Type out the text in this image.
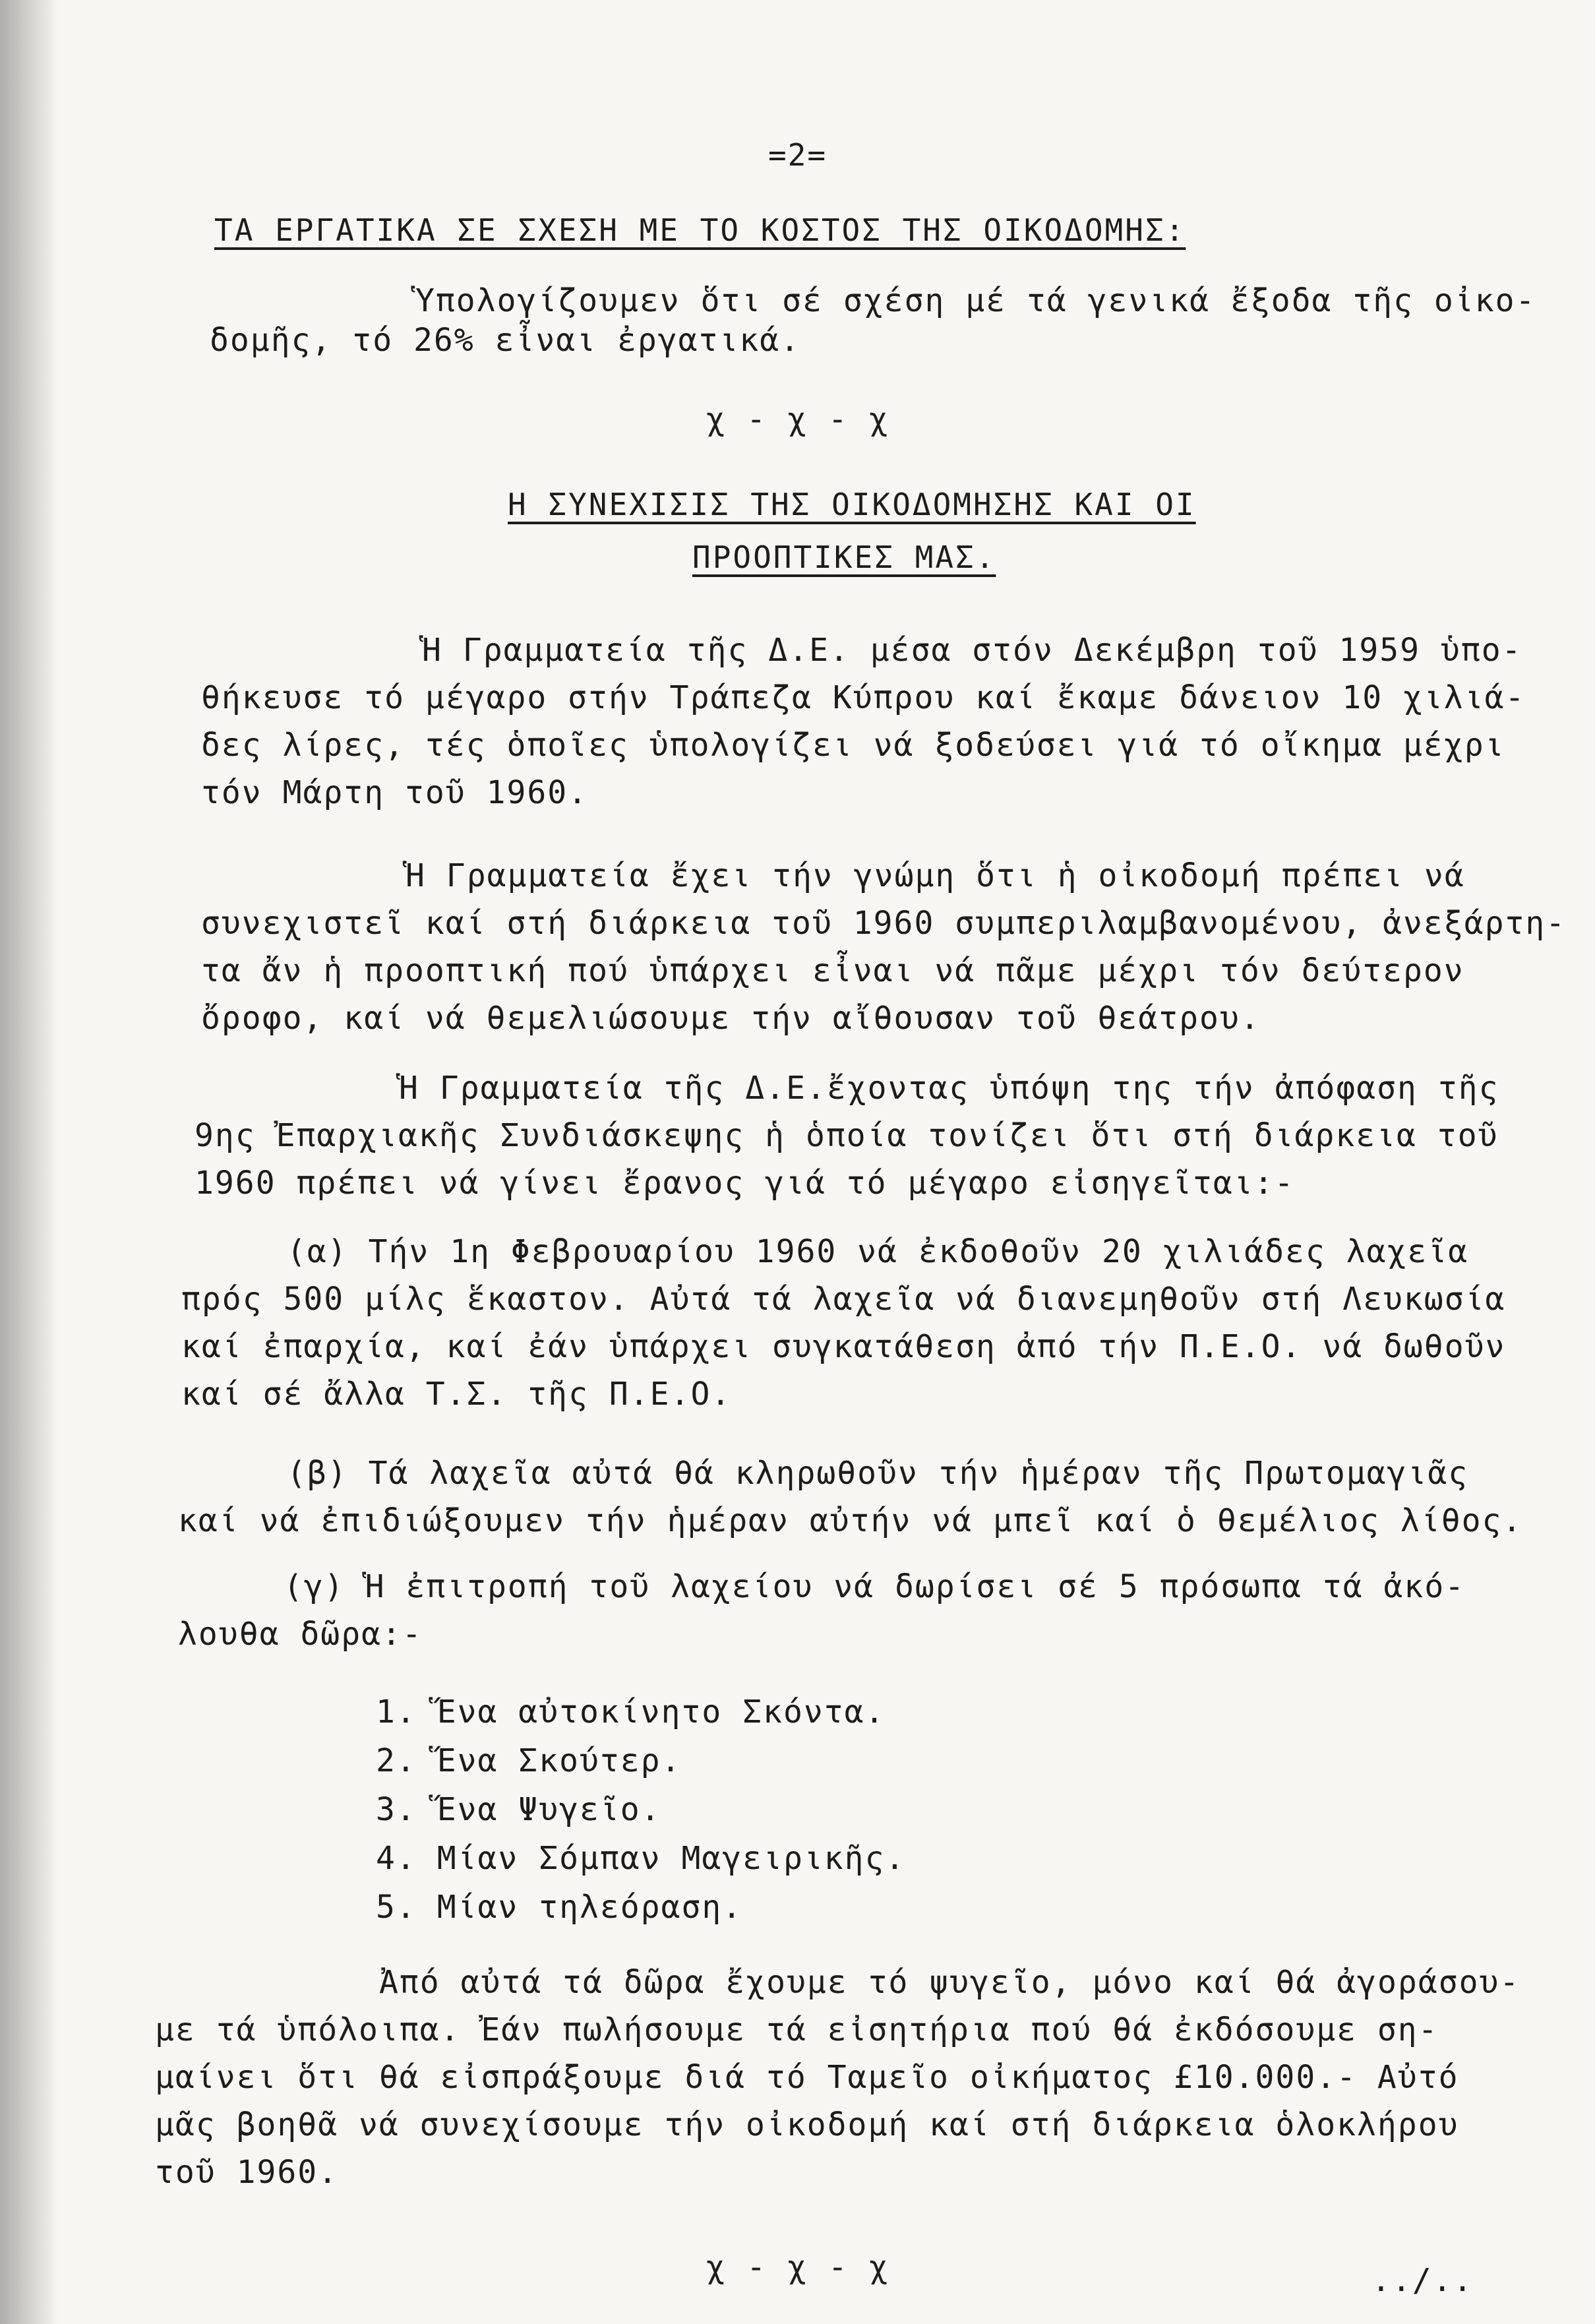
=2=
ΤΑ ΕΡΓΑΤΙΚΑ ΣΕ ΣΧΕΣΗ ΜΕ ΤΟ ΚΟΣΤΟΣ ΤΗΣ ΟΙΚΟΔΟΜΗΣ:
Ὑπολογίζουμεν ὅτι σέ σχέση μέ τά γενικά ἔξοδα τῆς οἰκο-
δομῆς, τό 26% εἶναι ἐργατικά.
χ - χ - χ
Η ΣΥΝΕΧΙΣΙΣ ΤΗΣ ΟΙΚΟΔΟΜΗΣΗΣ ΚΑΙ ΟΙ
ΠΡΟΟΠΤΙΚΕΣ ΜΑΣ.
Ἡ Γραμματεία τῆς Δ.Ε. μέσα στόν Δεκέμβρη τοῦ 1959 ὑπο-
θήκευσε τό μέγαρο στήν Τράπεζα Κύπρου καί ἔκαμε δάνειον 10 χιλιά-
δες λίρες, τές ὁποῖες ὑπολογίζει νά ξοδεύσει γιά τό οἴκημα μέχρι
τόν Μάρτη τοῦ 1960.
Ἡ Γραμματεία ἔχει τήν γνώμη ὅτι ἡ οἰκοδομή πρέπει νά
συνεχιστεῖ καί στή διάρκεια τοῦ 1960 συμπεριλαμβανομένου, ἀνεξάρτη-
τα ἄν ἡ προοπτική πού ὑπάρχει εἶναι νά πᾶμε μέχρι τόν δεύτερον
ὄροφο, καί νά θεμελιώσουμε τήν αἴθουσαν τοῦ θεάτρου.
Ἡ Γραμματεία τῆς Δ.Ε.ἔχοντας ὑπόψη της τήν ἀπόφαση τῆς
9ης Ἐπαρχιακῆς Συνδιάσκεψης ἡ ὁποία τονίζει ὅτι στή διάρκεια τοῦ
1960 πρέπει νά γίνει ἔρανος γιά τό μέγαρο εἰσηγεῖται:-
(α) Τήν 1η Φεβρουαρίου 1960 νά ἐκδοθοῦν 20 χιλιάδες λαχεῖα
πρός 500 μίλς ἕκαστον. Αὐτά τά λαχεῖα νά διανεμηθοῦν στή Λευκωσία
καί ἐπαρχία, καί ἐάν ὑπάρχει συγκατάθεση ἀπό τήν Π.Ε.Ο. νά δωθοῦν
καί σέ ἄλλα Τ.Σ. τῆς Π.Ε.Ο.
(β) Τά λαχεῖα αὐτά θά κληρωθοῦν τήν ἡμέραν τῆς Πρωτομαγιᾶς
καί νά ἐπιδιώξουμεν τήν ἡμέραν αὐτήν νά μπεῖ καί ὁ θεμέλιος λίθος.
(γ) Ἡ ἐπιτροπή τοῦ λαχείου νά δωρίσει σέ 5 πρόσωπα τά ἀκό-
λουθα δῶρα:-
1. Ἕνα αὐτοκίνητο Σκόντα.
2. Ἕνα Σκούτερ.
3. Ἕνα Ψυγεῖο.
4. Μίαν Σόμπαν Μαγειρικῆς.
5. Μίαν τηλεόραση.
Ἀπό αὐτά τά δῶρα ἔχουμε τό ψυγεῖο, μόνο καί θά ἀγοράσου-
με τά ὑπόλοιπα. Ἐάν πωλήσουμε τά εἰσητήρια πού θά ἐκδόσουμε ση-
μαίνει ὅτι θά εἰσπράξουμε διά τό Ταμεῖο οἰκήματος £10.000.- Αὐτό
μᾶς βοηθᾶ νά συνεχίσουμε τήν οἰκοδομή καί στή διάρκεια ὁλοκλήρου
τοῦ 1960.
χ - χ - χ	../..
